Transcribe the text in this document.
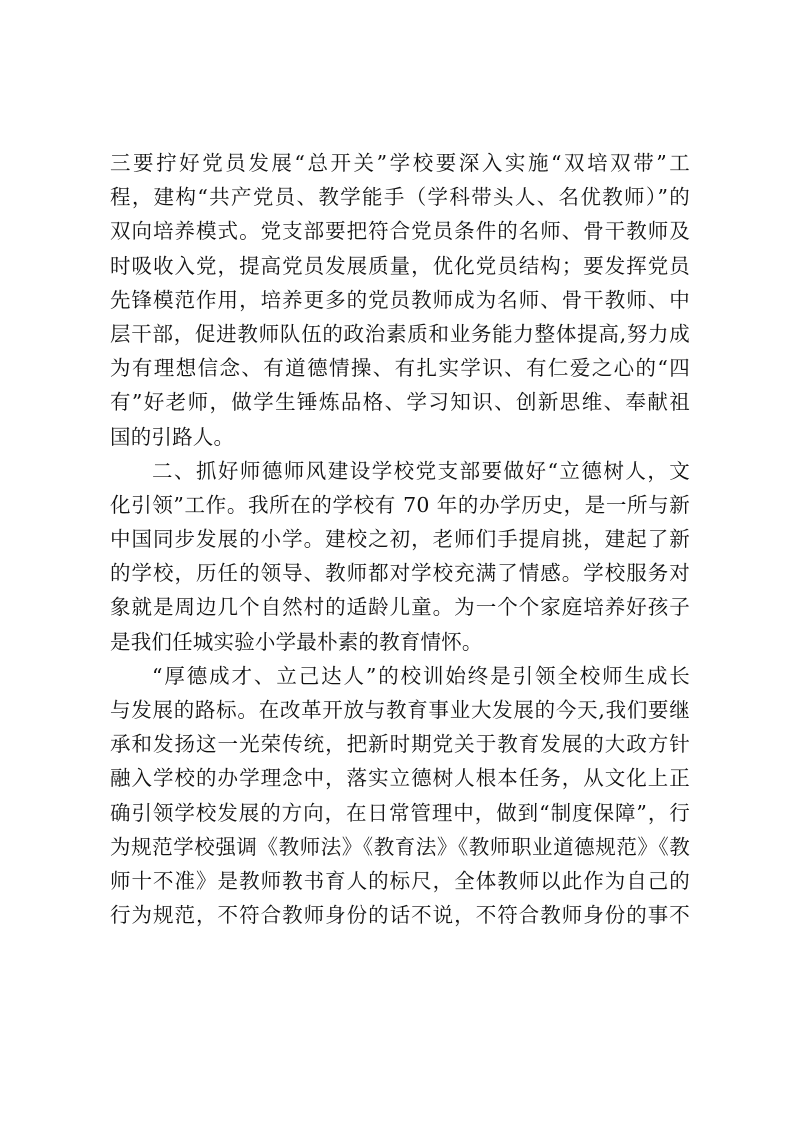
三要拧好党员发展“总开关”学校要深入实施“双培双带”工
程，建构“共产党员、教学能手（学科带头人、名优教师）”的
双向培养模式。党支部要把符合党员条件的名师、骨干教师及
时吸收入党，提高党员发展质量，优化党员结构；要发挥党员
先锋模范作用，培养更多的党员教师成为名师、骨干教师、中
层干部，促进教师队伍的政治素质和业务能力整体提高,努力成
为有理想信念、有道德情操、有扎实学识、有仁爱之心的“四
有”好老师，做学生锤炼品格、学习知识、创新思维、奉献祖
国的引路人。
二、抓好师德师风建设学校党支部要做好“立德树人，文
化引领”工作。我所在的学校有 70 年的办学历史，是一所与新
中国同步发展的小学。建校之初，老师们手提肩挑，建起了新
的学校，历任的领导、教师都对学校充满了情感。学校服务对
象就是周边几个自然村的适龄儿童。为一个个家庭培养好孩子
是我们任城实验小学最朴素的教育情怀。
“厚德成才、立己达人”的校训始终是引领全校师生成长
与发展的路标。在改革开放与教育事业大发展的今天,我们要继
承和发扬这一光荣传统，把新时期党关于教育发展的大政方针
融入学校的办学理念中，落实立德树人根本任务，从文化上正
确引领学校发展的方向，在日常管理中，做到“制度保障”，行
为规范学校强调《教师法》《教育法》《教师职业道德规范》《教
师十不准》是教师教书育人的标尺，全体教师以此作为自己的
行为规范，不符合教师身份的话不说，不符合教师身份的事不
